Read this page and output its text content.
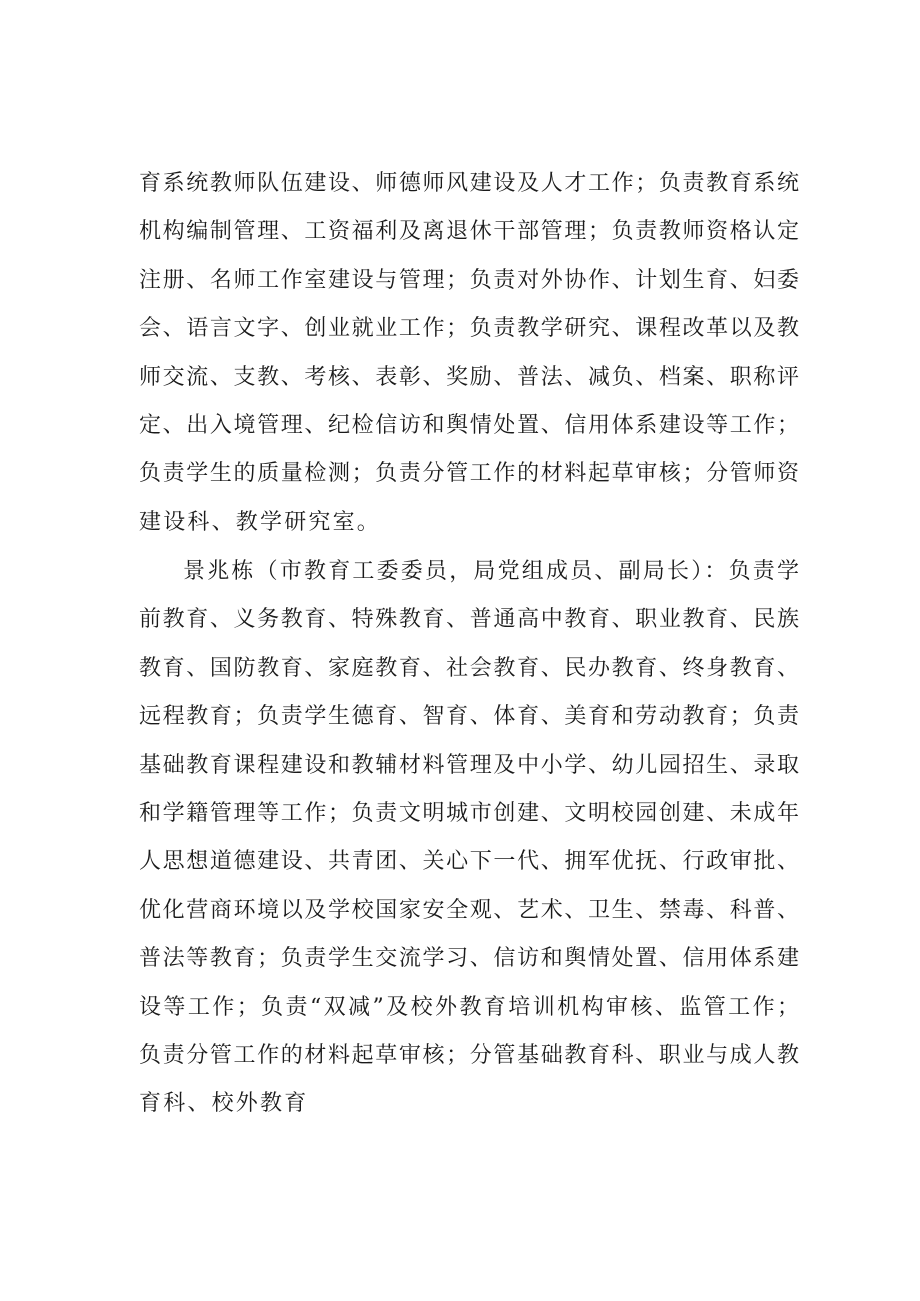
育系统教师队伍建设、师德师风建设及人才工作；负责教育系统
机构编制管理、工资福利及离退休干部管理；负责教师资格认定
注册、名师工作室建设与管理；负责对外协作、计划生育、妇委
会、语言文字、创业就业工作；负责教学研究、课程改革以及教
师交流、支教、考核、表彰、奖励、普法、减负、档案、职称评
定、出入境管理、纪检信访和舆情处置、信用体系建设等工作；
负责学生的质量检测；负责分管工作的材料起草审核；分管师资
建设科、教学研究室。
景兆栋（市教育工委委员，局党组成员、副局长）：负责学
前教育、义务教育、特殊教育、普通高中教育、职业教育、民族
教育、国防教育、家庭教育、社会教育、民办教育、终身教育、
远程教育；负责学生德育、智育、体育、美育和劳动教育；负责
基础教育课程建设和教辅材料管理及中小学、幼儿园招生、录取
和学籍管理等工作；负责文明城市创建、文明校园创建、未成年
人思想道德建设、共青团、关心下一代、拥军优抚、行政审批、
优化营商环境以及学校国家安全观、艺术、卫生、禁毒、科普、
普法等教育；负责学生交流学习、信访和舆情处置、信用体系建
设等工作；负责“双减”及校外教育培训机构审核、监管工作；
负责分管工作的材料起草审核；分管基础教育科、职业与成人教
育科、校外教育
